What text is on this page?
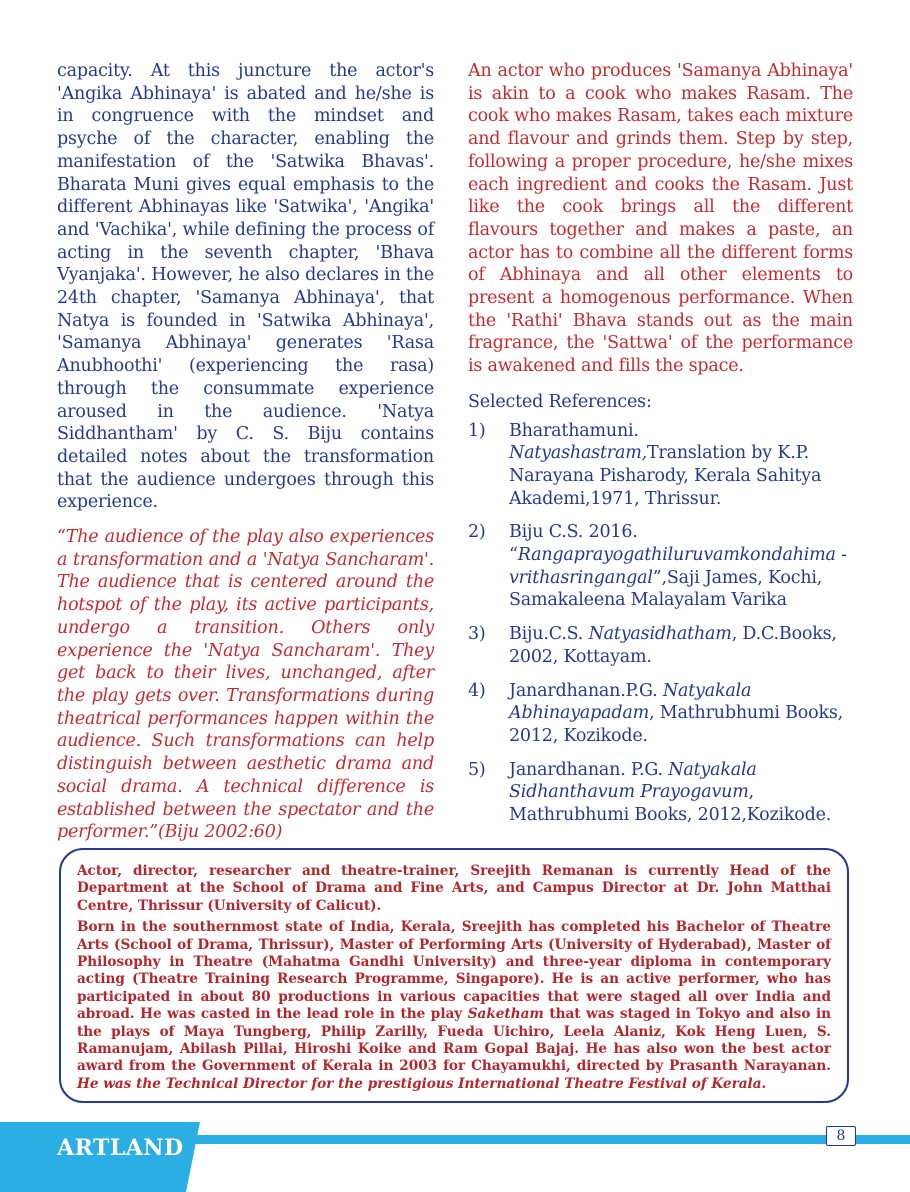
capacity. At this juncture the actor's 'Angika Abhinaya' is abated and he/she is in congruence with the mindset and psyche of the character, enabling the manifestation of the 'Satwika Bhavas'. Bharata Muni gives equal emphasis to the different Abhinayas like 'Satwika', 'Angika' and 'Vachika', while defining the process of acting in the seventh chapter, 'Bhava Vyanjaka'. However, he also declares in the 24th chapter, 'Samanya Abhinaya', that Natya is founded in 'Satwika Abhinaya', 'Samanya Abhinaya' generates 'Rasa Anubhoothi' (experiencing the rasa) through the consummate experience aroused in the audience. 'Natya Siddhantham' by C. S. Biju contains detailed notes about the transformation that the audience undergoes through this experience.

“The audience of the play also experiences a transformation and a 'Natya Sancharam'. The audience that is centered around the hotspot of the play, its active participants, undergo a transition. Others only experience the 'Natya Sancharam'. They get back to their lives, unchanged, after the play gets over. Transformations during theatrical performances happen within the audience. Such transformations can help distinguish between aesthetic drama and social drama. A technical difference is established between the spectator and the performer.”(Biju 2002:60)

An actor who produces 'Samanya Abhinaya' is akin to a cook who makes Rasam. The cook who makes Rasam, takes each mixture and flavour and grinds them. Step by step, following a proper procedure, he/she mixes each ingredient and cooks the Rasam. Just like the cook brings all the different flavours together and makes a paste, an actor has to combine all the different forms of Abhinaya and all other elements to present a homogenous performance. When the 'Rathi' Bhava stands out as the main fragrance, the 'Sattwa' of the performance is awakened and fills the space.

Selected References:

1) Bharathamuni.
Natyashastram,Translation by K.P. Narayana Pisharody, Kerala Sahitya Akademi,1971, Thrissur.
2) Biju C.S. 2016.
“Rangaprayogathiluruvamkondahima - vrithasringangal”,Saji James, Kochi, Samakaleena Malayalam Varika
3) Biju.C.S. Natyasidhatham, D.C.Books, 2002, Kottayam.
4) Janardhanan.P.G. Natyakala Abhinayapadam, Mathrubhumi Books, 2012, Kozikode.
5) Janardhanan. P.G. Natyakala Sidhanthavum Prayogavum, Mathrubhumi Books, 2012,Kozikode.

Actor, director, researcher and theatre-trainer, Sreejith Remanan is currently Head of the Department at the School of Drama and Fine Arts, and Campus Director at Dr. John Matthai Centre, Thrissur (University of Calicut).

Born in the southernmost state of India, Kerala, Sreejith has completed his Bachelor of Theatre Arts (School of Drama, Thrissur), Master of Performing Arts (University of Hyderabad), Master of Philosophy in Theatre (Mahatma Gandhi University) and three-year diploma in contemporary acting (Theatre Training Research Programme, Singapore). He is an active performer, who has participated in about 80 productions in various capacities that were staged all over India and abroad. He was casted in the lead role in the play Saketham that was staged in Tokyo and also in the plays of Maya Tungberg, Philip Zarilly, Fueda Uichiro, Leela Alaniz, Kok Heng Luen, S. Ramanujam, Abilash Pillai, Hiroshi Koike and Ram Gopal Bajaj. He has also won the best actor award from the Government of Kerala in 2003 for Chayamukhi, directed by Prasanth Narayanan. He was the Technical Director for the prestigious International Theatre Festival of Kerala.

ARTLAND	8
